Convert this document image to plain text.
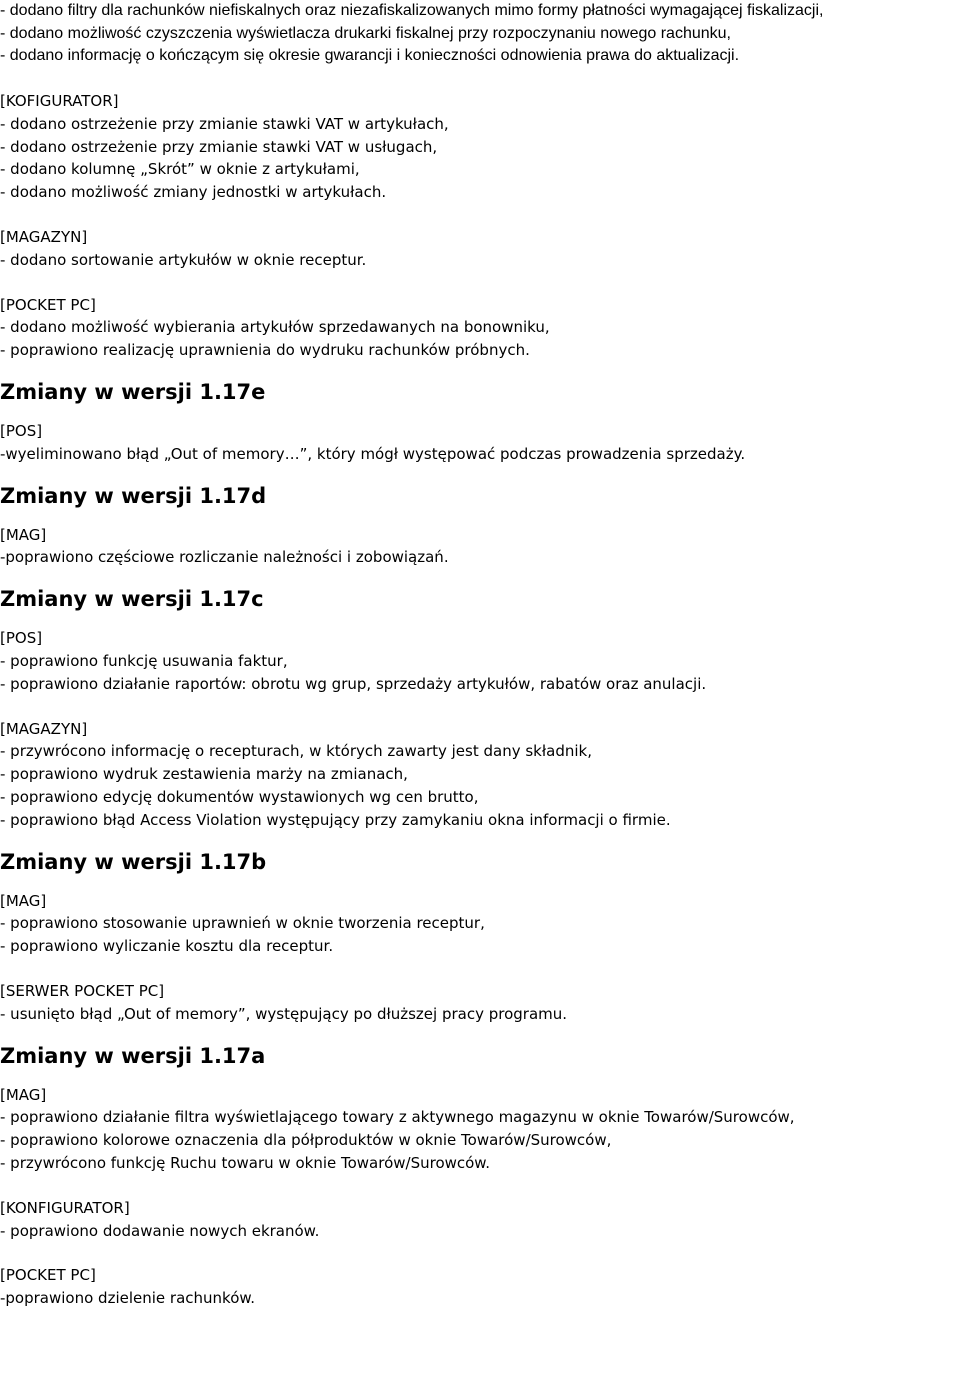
- dodano filtry dla rachunków niefiskalnych oraz niezafiskalizowanych mimo formy płatności wymagającej fiskalizacji,
- dodano możliwość czyszczenia wyświetlacza drukarki fiskalnej przy rozpoczynaniu nowego rachunku,
- dodano informację o kończącym się okresie gwarancji i konieczności odnowienia prawa do aktualizacji.
[KOFIGURATOR]
- dodano ostrzeżenie przy zmianie stawki VAT w artykułach,
- dodano ostrzeżenie przy zmianie stawki VAT w usługach,
- dodano kolumnę „Skrót” w oknie z artykułami,
- dodano możliwość zmiany jednostki w artykułach.
[MAGAZYN]
- dodano sortowanie artykułów w oknie receptur.
[POCKET PC]
- dodano możliwość wybierania artykułów sprzedawanych na bonowniku,
- poprawiono realizację uprawnienia do wydruku rachunków próbnych.
Zmiany w wersji 1.17e
[POS]
-wyeliminowano błąd „Out of memory…”, który mógł występować podczas prowadzenia sprzedaży.
Zmiany w wersji 1.17d
[MAG]
-poprawiono częściowe rozliczanie należności i zobowiązań.
Zmiany w wersji 1.17c
[POS]
- poprawiono funkcję usuwania faktur,
- poprawiono działanie raportów: obrotu wg grup, sprzedaży artykułów, rabatów oraz anulacji.
[MAGAZYN]
- przywrócono informację o recepturach, w których zawarty jest dany składnik,
- poprawiono wydruk zestawienia marży na zmianach,
- poprawiono edycję dokumentów wystawionych wg cen brutto,
- poprawiono błąd Access Violation występujący przy zamykaniu okna informacji o firmie.
Zmiany w wersji 1.17b
[MAG]
- poprawiono stosowanie uprawnień w oknie tworzenia receptur,
- poprawiono wyliczanie kosztu dla receptur.
[SERWER POCKET PC]
- usunięto błąd „Out of memory”, występujący po dłuższej pracy programu.
Zmiany w wersji 1.17a
[MAG]
- poprawiono działanie filtra wyświetlającego towary z aktywnego magazynu w oknie Towarów/Surowców,
- poprawiono kolorowe oznaczenia dla półproduktów w oknie Towarów/Surowców,
- przywrócono funkcję Ruchu towaru w oknie Towarów/Surowców.
[KONFIGURATOR]
- poprawiono dodawanie nowych ekranów.
[POCKET PC]
-poprawiono dzielenie rachunków.
